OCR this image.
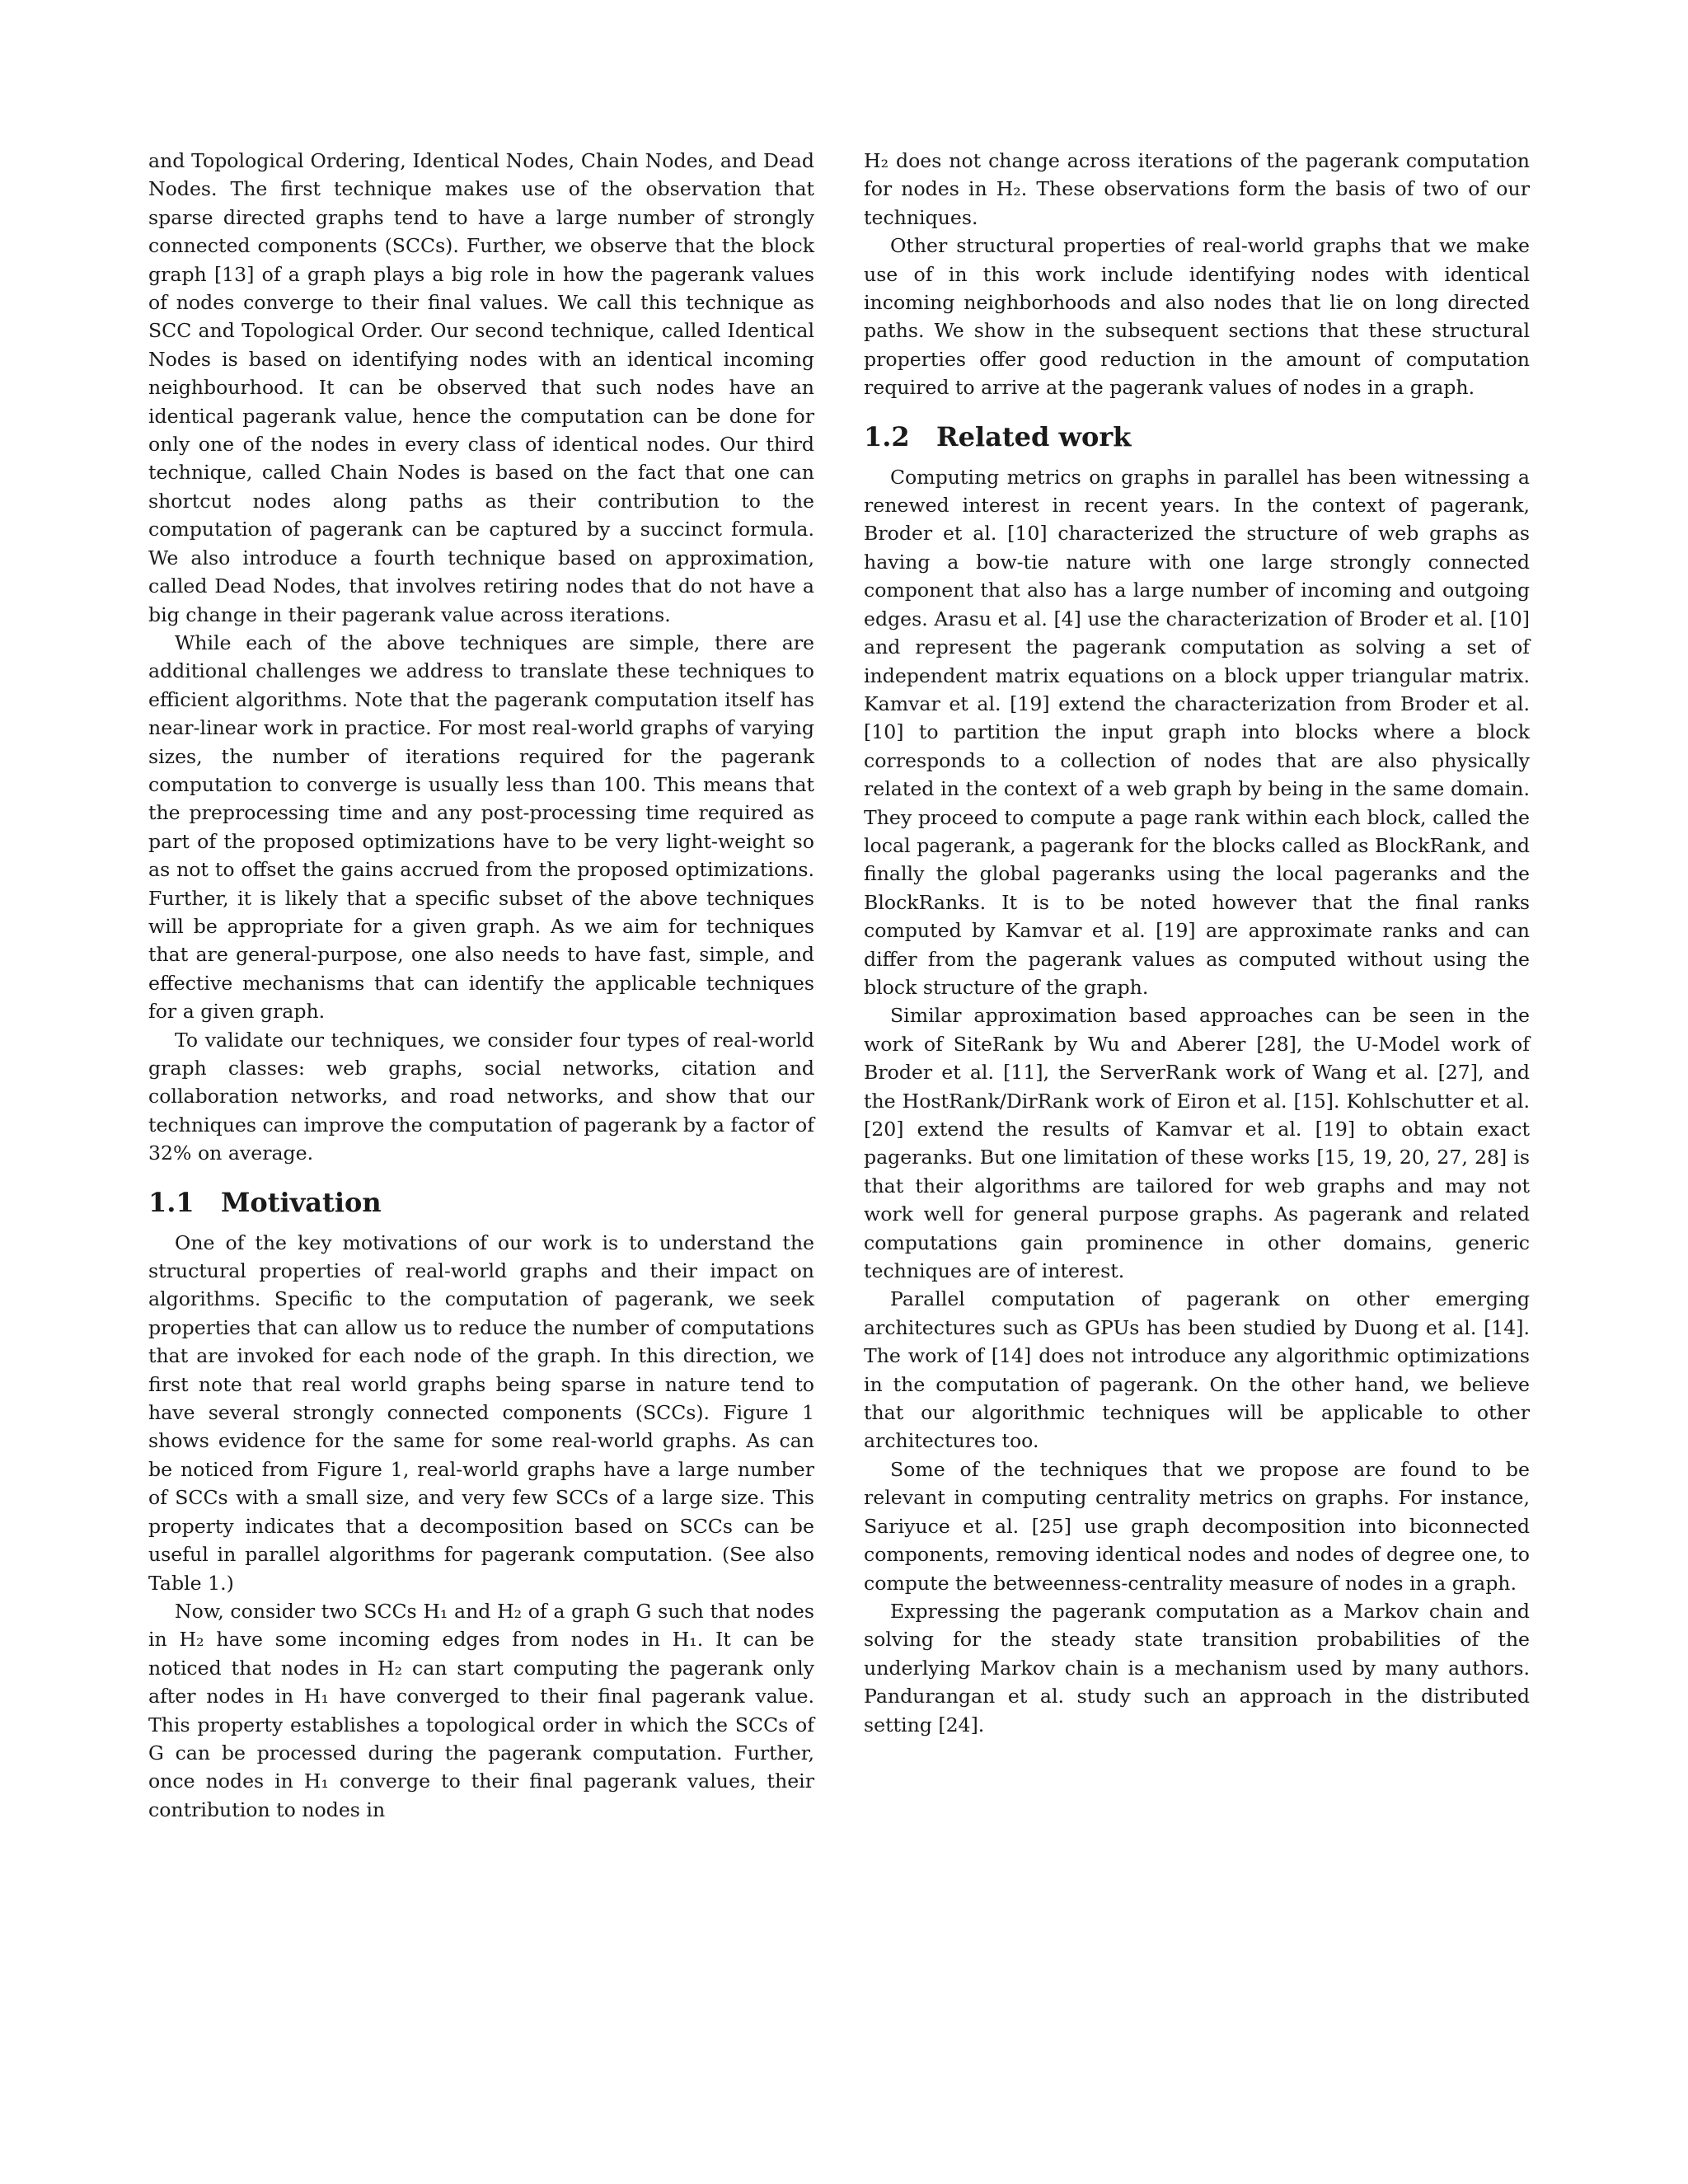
and Topological Ordering, Identical Nodes, Chain Nodes, and Dead Nodes. The first technique makes use of the observation that sparse directed graphs tend to have a large number of strongly connected components (SCCs). Further, we observe that the block graph [13] of a graph plays a big role in how the pagerank values of nodes converge to their final values. We call this technique as SCC and Topological Order. Our second technique, called Identical Nodes is based on identifying nodes with an identical incoming neighbourhood. It can be observed that such nodes have an identical pagerank value, hence the computation can be done for only one of the nodes in every class of identical nodes. Our third technique, called Chain Nodes is based on the fact that one can shortcut nodes along paths as their contribution to the computation of pagerank can be captured by a succinct formula. We also introduce a fourth technique based on approximation, called Dead Nodes, that involves retiring nodes that do not have a big change in their pagerank value across iterations.

While each of the above techniques are simple, there are additional challenges we address to translate these techniques to efficient algorithms. Note that the pagerank computation itself has near-linear work in practice. For most real-world graphs of varying sizes, the number of iterations required for the pagerank computation to converge is usually less than 100. This means that the preprocessing time and any post-processing time required as part of the proposed optimizations have to be very light-weight so as not to offset the gains accrued from the proposed optimizations. Further, it is likely that a specific subset of the above techniques will be appropriate for a given graph. As we aim for techniques that are general-purpose, one also needs to have fast, simple, and effective mechanisms that can identify the applicable techniques for a given graph.

To validate our techniques, we consider four types of real-world graph classes: web graphs, social networks, citation and collaboration networks, and road networks, and show that our techniques can improve the computation of pagerank by a factor of 32% on average.

1.1	Motivation

One of the key motivations of our work is to understand the structural properties of real-world graphs and their impact on algorithms. Specific to the computation of pagerank, we seek properties that can allow us to reduce the number of computations that are invoked for each node of the graph. In this direction, we first note that real world graphs being sparse in nature tend to have several strongly connected components (SCCs). Figure 1 shows evidence for the same for some real-world graphs. As can be noticed from Figure 1, real-world graphs have a large number of SCCs with a small size, and very few SCCs of a large size. This property indicates that a decomposition based on SCCs can be useful in parallel algorithms for pagerank computation. (See also Table 1.)

Now, consider two SCCs H₁ and H₂ of a graph G such that nodes in H₂ have some incoming edges from nodes in H₁. It can be noticed that nodes in H₂ can start computing the pagerank only after nodes in H₁ have converged to their final pagerank value. This property establishes a topological order in which the SCCs of G can be processed during the pagerank computation. Further, once nodes in H₁ converge to their final pagerank values, their contribution to nodes in

H₂ does not change across iterations of the pagerank computation for nodes in H₂. These observations form the basis of two of our techniques.

Other structural properties of real-world graphs that we make use of in this work include identifying nodes with identical incoming neighborhoods and also nodes that lie on long directed paths. We show in the subsequent sections that these structural properties offer good reduction in the amount of computation required to arrive at the pagerank values of nodes in a graph.

1.2	Related work

Computing metrics on graphs in parallel has been witnessing a renewed interest in recent years. In the context of pagerank, Broder et al. [10] characterized the structure of web graphs as having a bow-tie nature with one large strongly connected component that also has a large number of incoming and outgoing edges. Arasu et al. [4] use the characterization of Broder et al. [10] and represent the pagerank computation as solving a set of independent matrix equations on a block upper triangular matrix. Kamvar et al. [19] extend the characterization from Broder et al. [10] to partition the input graph into blocks where a block corresponds to a collection of nodes that are also physically related in the context of a web graph by being in the same domain. They proceed to compute a page rank within each block, called the local pagerank, a pagerank for the blocks called as BlockRank, and finally the global pageranks using the local pageranks and the BlockRanks. It is to be noted however that the final ranks computed by Kamvar et al. [19] are approximate ranks and can differ from the pagerank values as computed without using the block structure of the graph.

Similar approximation based approaches can be seen in the work of SiteRank by Wu and Aberer [28], the U-Model work of Broder et al. [11], the ServerRank work of Wang et al. [27], and the HostRank/DirRank work of Eiron et al. [15]. Kohlschutter et al. [20] extend the results of Kamvar et al. [19] to obtain exact pageranks. But one limitation of these works [15, 19, 20, 27, 28] is that their algorithms are tailored for web graphs and may not work well for general purpose graphs. As pagerank and related computations gain prominence in other domains, generic techniques are of interest.

Parallel computation of pagerank on other emerging architectures such as GPUs has been studied by Duong et al. [14]. The work of [14] does not introduce any algorithmic optimizations in the computation of pagerank. On the other hand, we believe that our algorithmic techniques will be applicable to other architectures too.

Some of the techniques that we propose are found to be relevant in computing centrality metrics on graphs. For instance, Sariyuce et al. [25] use graph decomposition into biconnected components, removing identical nodes and nodes of degree one, to compute the betweenness-centrality measure of nodes in a graph.

Expressing the pagerank computation as a Markov chain and solving for the steady state transition probabilities of the underlying Markov chain is a mechanism used by many authors. Pandurangan et al. study such an approach in the distributed setting [24].
